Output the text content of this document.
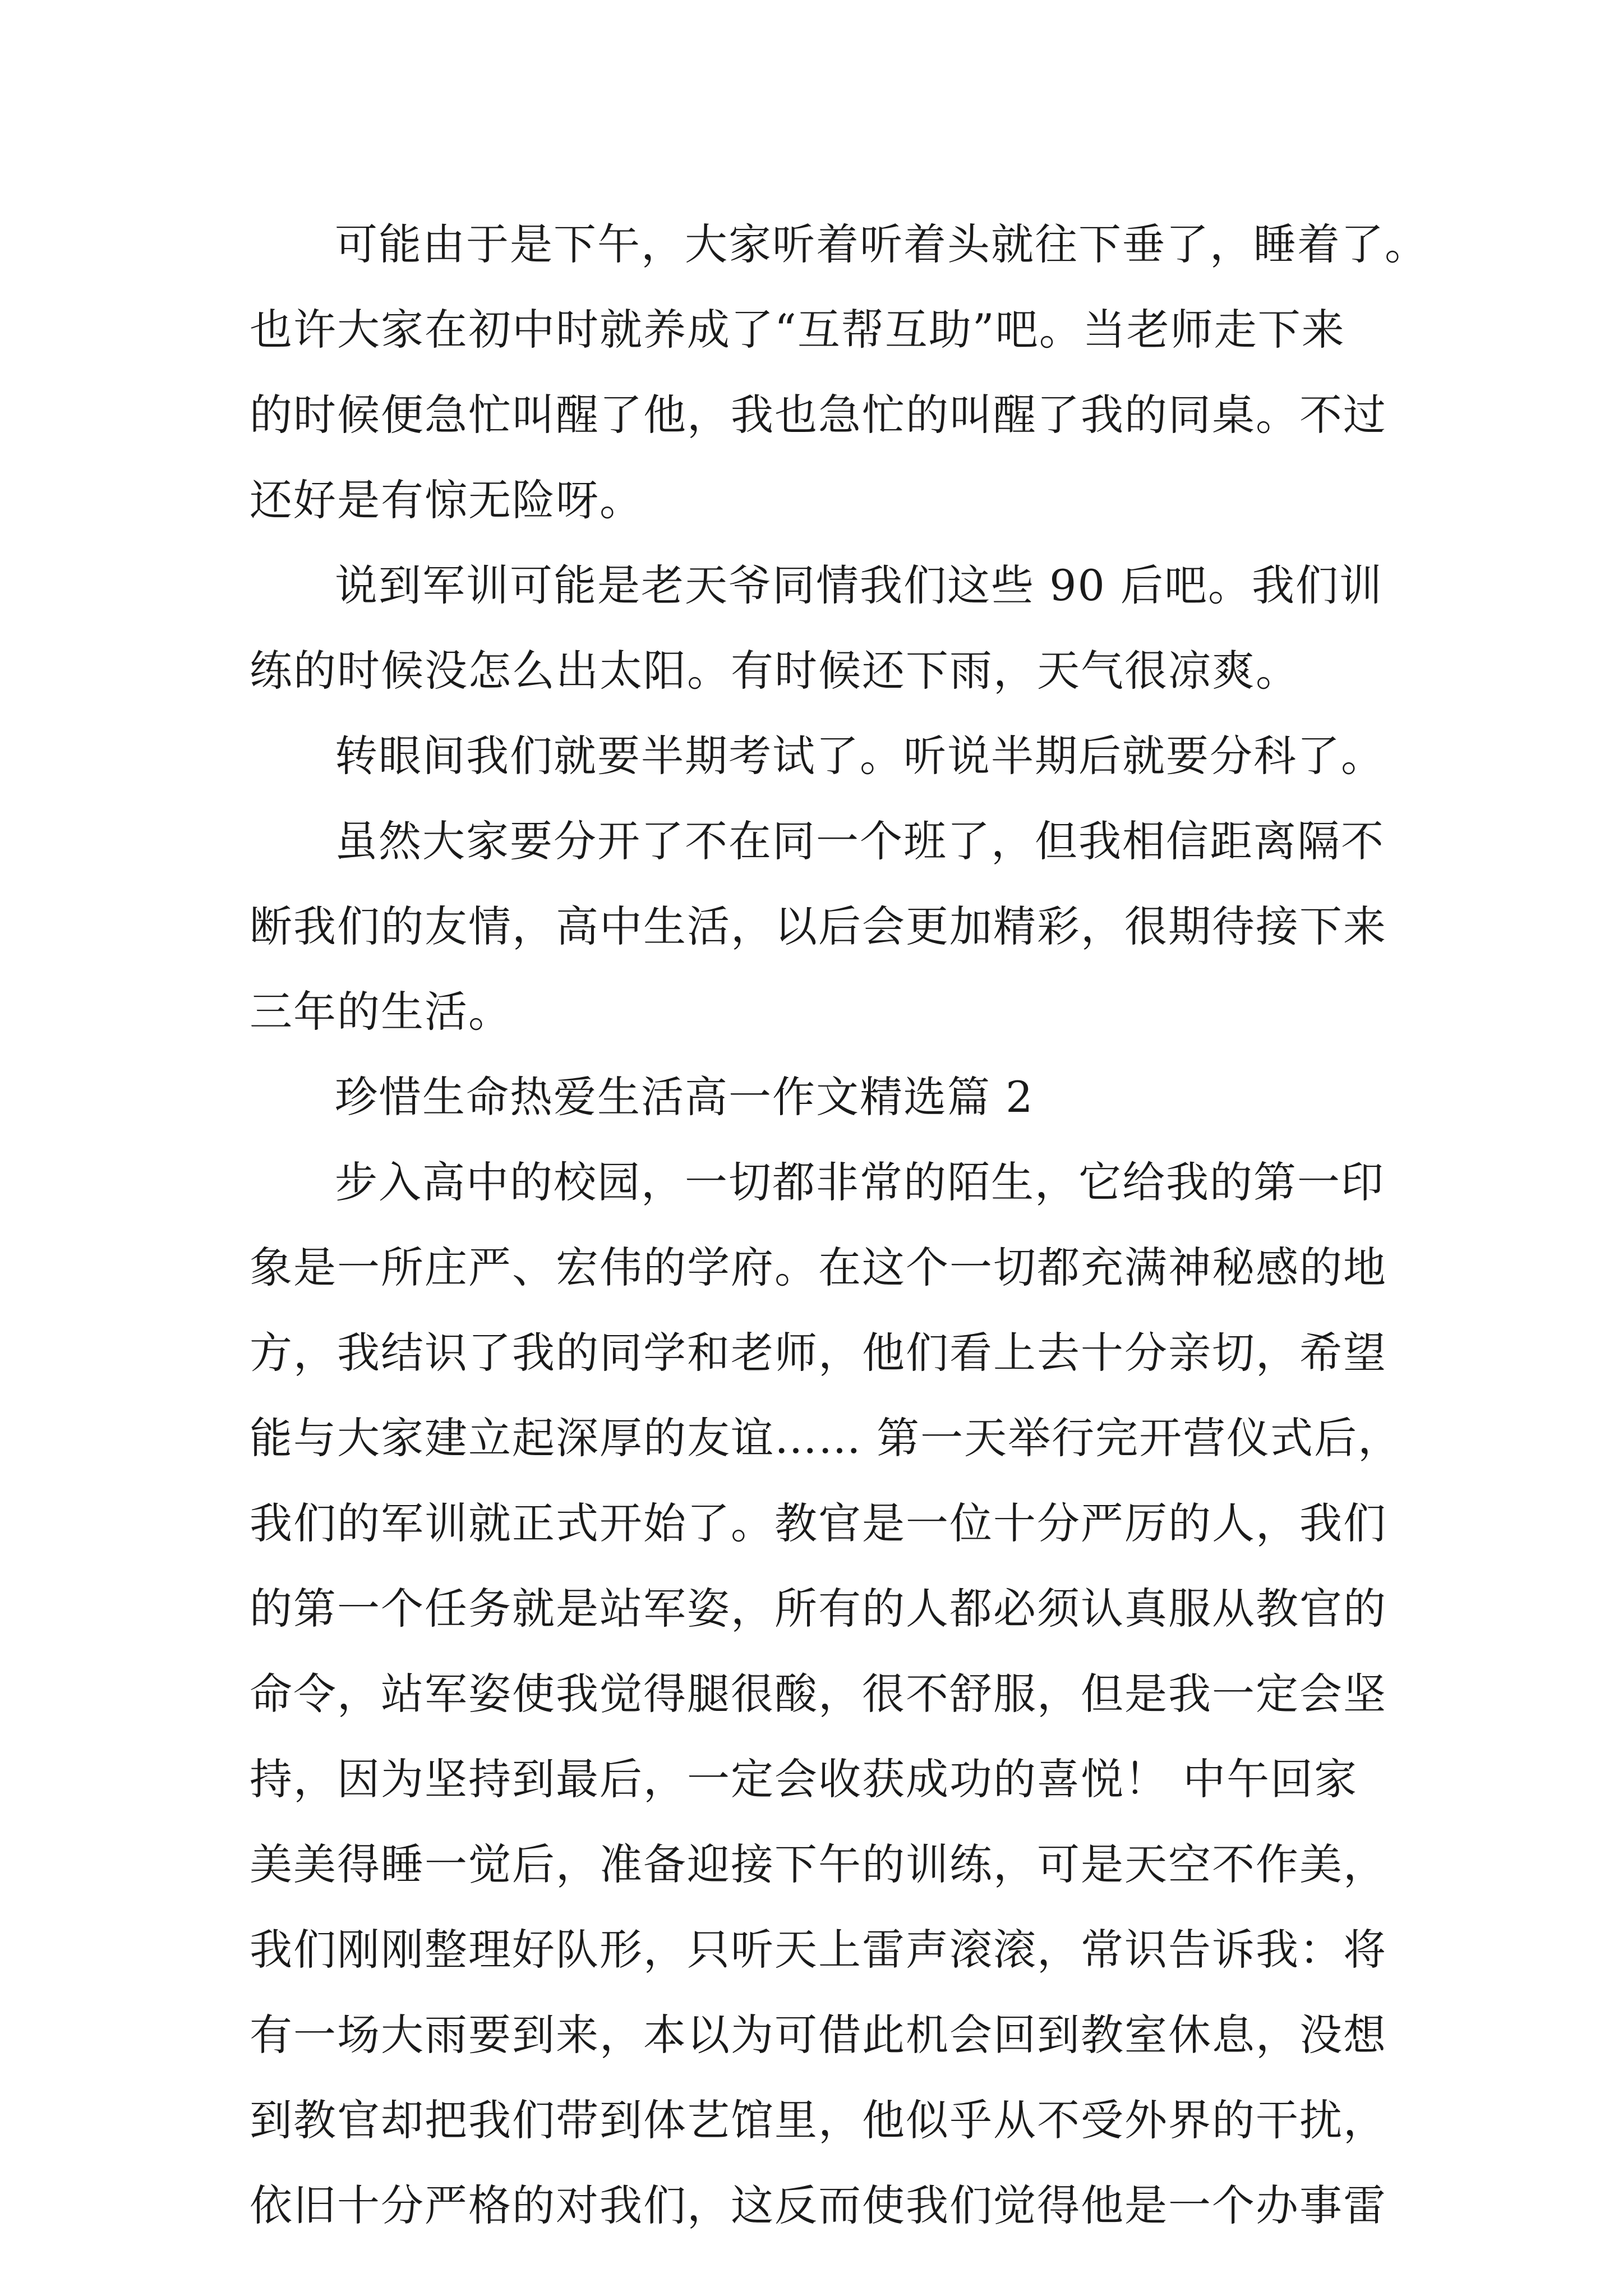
可能由于是下午，大家听着听着头就往下垂了，睡着了。
也许大家在初中时就养成了“互帮互助”吧。当老师走下来
的时候便急忙叫醒了他，我也急忙的叫醒了我的同桌。不过
还好是有惊无险呀。
说到军训可能是老天爷同情我们这些 90 后吧。我们训
练的时候没怎么出太阳。有时候还下雨，天气很凉爽。
转眼间我们就要半期考试了。听说半期后就要分科了。
虽然大家要分开了不在同一个班了，但我相信距离隔不
断我们的友情，高中生活，以后会更加精彩，很期待接下来
三年的生活。
珍惜生命热爱生活高一作文精选篇 2
步入高中的校园，一切都非常的陌生，它给我的第一印
象是一所庄严、宏伟的学府。在这个一切都充满神秘感的地
方，我结识了我的同学和老师，他们看上去十分亲切，希望
能与大家建立起深厚的友谊…… 第一天举行完开营仪式后，
我们的军训就正式开始了。教官是一位十分严厉的人，我们
的第一个任务就是站军姿，所有的人都必须认真服从教官的
命令，站军姿使我觉得腿很酸，很不舒服，但是我一定会坚
持，因为坚持到最后，一定会收获成功的喜悦！ 中午回家
美美得睡一觉后，准备迎接下午的训练，可是天空不作美，
我们刚刚整理好队形，只听天上雷声滚滚，常识告诉我：将
有一场大雨要到来，本以为可借此机会回到教室休息，没想
到教官却把我们带到体艺馆里，他似乎从不受外界的干扰，
依旧十分严格的对我们，这反而使我们觉得他是一个办事雷
